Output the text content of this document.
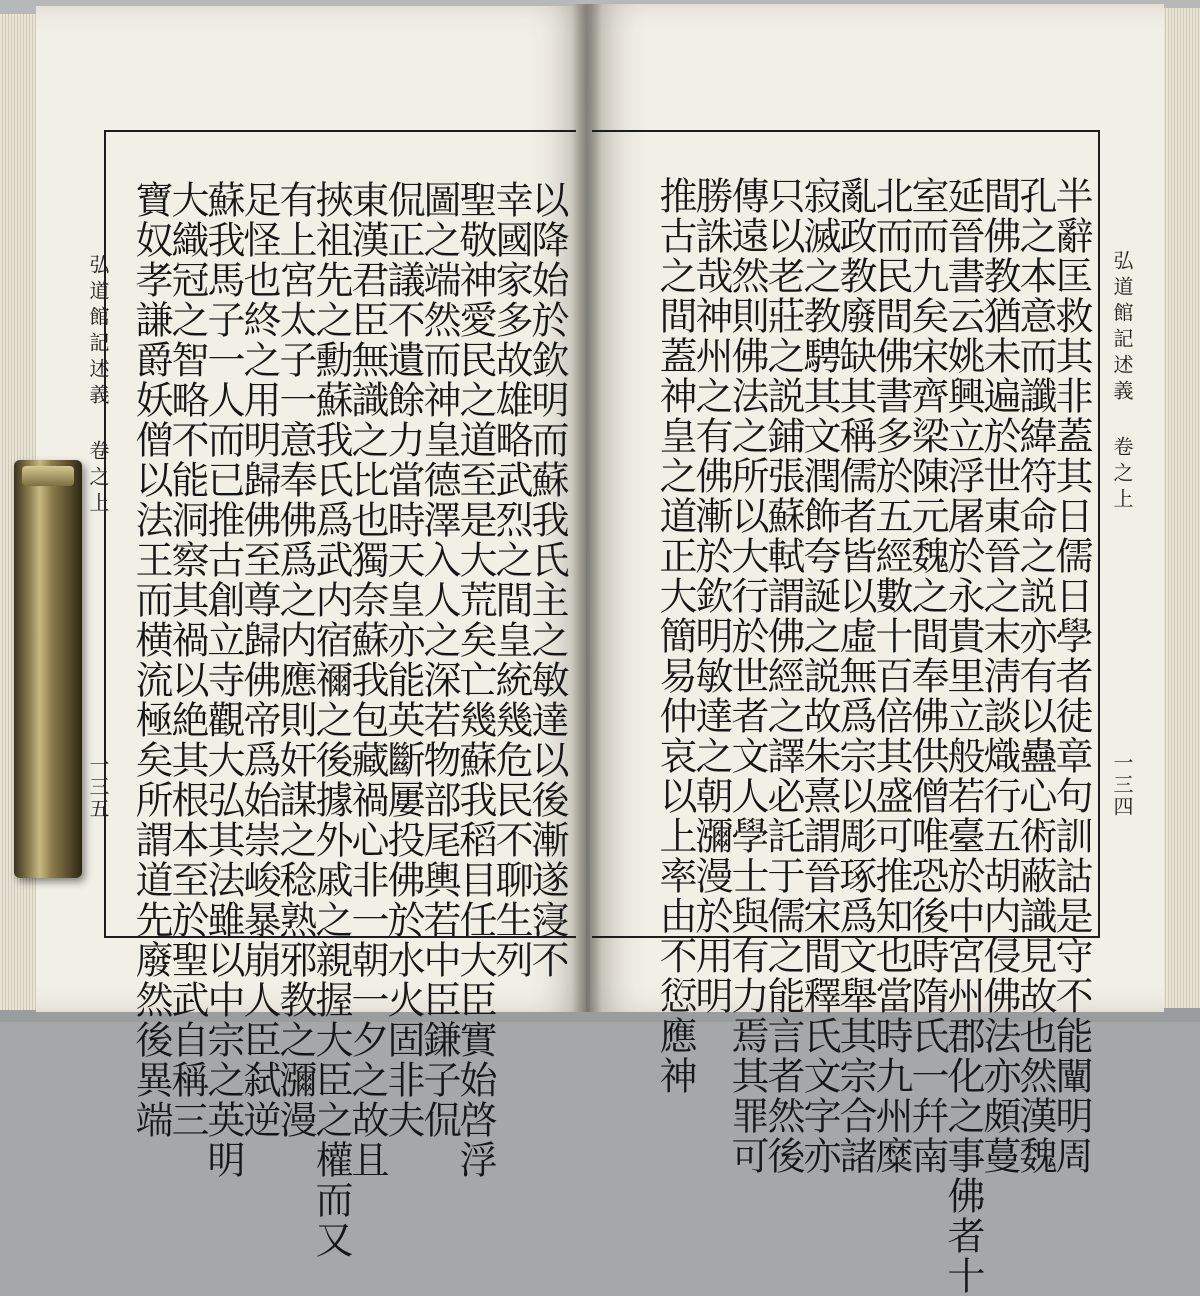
弘道館記述義 卷之上
一三五	以降始於欽明而蘇我氏主之敏達以後漸遂寖不
幸國家多故雄略武烈之間皇統幾危民不聊生列
聖敬神愛民之道至是大荒矣亡幾蘇我稻目任大臣實始啓浮
圖之端然而神皇德澤入人之深若物部尾輿若中臣鎌子侃
侃正議不遺餘力當時天皇亦能英斷屢投佛於水火固非夫
東漢君臣無識之比也獨奈蘇我包藏禍心非一朝一夕之故且
挾祖先之勳蘇我氏爲武内宿禰之後據外戚之親握大臣之權而又
有上宮太子一意奉佛爲之内應則奸謀之稔熟邪教之瀰漫
足怪也終之用明歸佛至尊歸佛帝爲始崇峻暴崩人臣弑逆
蘇我馬子一人而已推古創立寺觀大弘其法雖以中宗之英明
大織冠之智略不能洞察其禍以絶其根本至於聖武自稱三
寶奴孝謙爵妖僧以法王而横流極矣所謂道先廢然後異端	弘道館記述義 卷之上
一三四
半辭匡救其非蓋其日儒日學者徒章句訓詁是守不能闡明周
孔之本意而讖緯符命之説亦有以蠱心術蔽識見故也然漢魏
間佛教猶未遍於世東晉之末淸談熾行五胡内侵佛法亦頗蔓
延晉書云姚興立浮屠於永貴里立般若臺於中宮州郡化之事佛者十
室而九矣宋齊梁陳元魏之間奉佛供僧唯恐後時隋氏一幷南
北而民間佛書多於五經數十百倍其盛可推知也當時九州糜
亂政教廢缺其稱儒者皆以虛無爲宗以彫琢爲文舉其宗合諸
寂滅之教騁其文潤飾夸誕之説故朱熹謂晉宋間釋氏文字亦
只以老莊之説鋪張蘇軾謂佛經之譯必託于儒之能言者然後
傳遠然則佛法之所以大行於世者文人學士與有力焉其罪可
勝誅哉神州之有佛漸於欽明敏達之朝瀰漫於用明
推古之間蓋神皇之道正大簡易仲哀以上率由不愆應神
